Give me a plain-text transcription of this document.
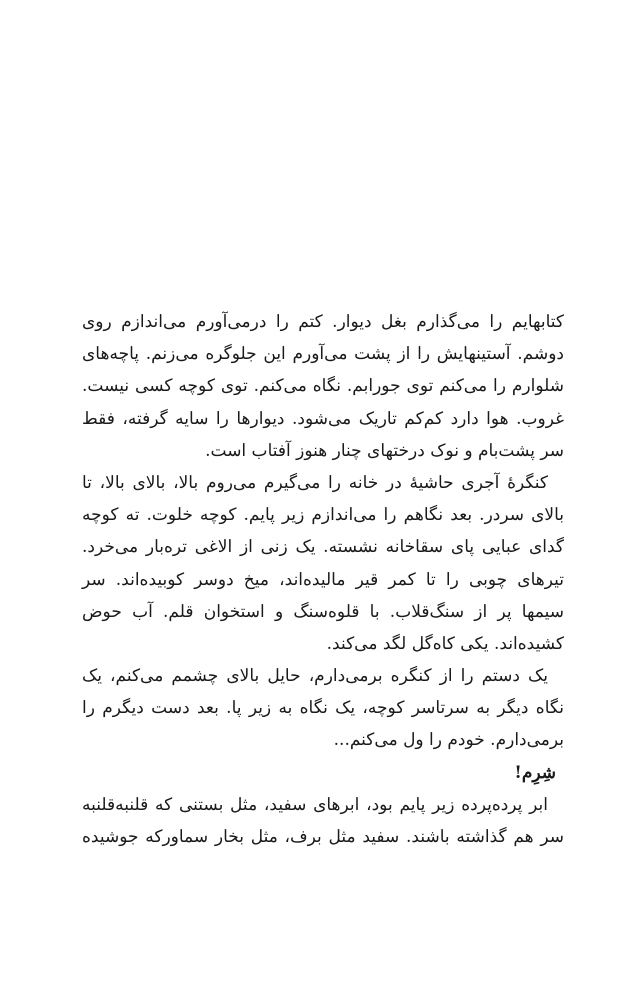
کتابهایم را می‌گذارم بغل دیوار. کتم را درمی‌آورم می‌اندازم روی
دوشم. آستینهایش را از پشت می‌آورم این جلوگره می‌زنم. پاچه‌های
شلوارم را می‌کنم توی جورابم. نگاه می‌کنم. توی کوچه کسی نیست.
غروب. هوا دارد کم‌کم تاریک می‌شود. دیوارها را سایه گرفته، فقط
سر پشت‌بام و نوک درختهای چنار هنوز آفتاب است.
کنگرهٔ آجری حاشیهٔ در خانه را می‌گیرم می‌روم بالا، بالای بالا، تا
بالای سردر. بعد نگاهم را می‌اندازم زیر پایم. کوچه خلوت. ته کوچه
گدای عبایی پای سقاخانه نشسته. یک زنی از الاغی تره‌بار می‌خرد.
تیرهای چوبی را تا کمر قیر مالیده‌اند، میخ دوسر کوبیده‌اند. سر
سیمها پر از سنگ‌قلاب. با قلوه‌سنگ و استخوان قلم. آب حوض
کشیده‌اند. یکی کاه‌گل لگد می‌کند.
یک دستم را از کنگره برمی‌دارم، حایل بالای چشمم می‌کنم، یک
نگاه دیگر به سرتاسر کوچه، یک نگاه به زیر پا. بعد دست دیگرم را
برمی‌دارم. خودم را ول می‌کنم...
شِرِم!
ابر پرده‌پرده زیر پایم بود، ابرهای سفید، مثل بستنی که قلنبه‌قلنبه
سر هم گذاشته باشند. سفید مثل برف، مثل بخار سماورکه جوشیده
